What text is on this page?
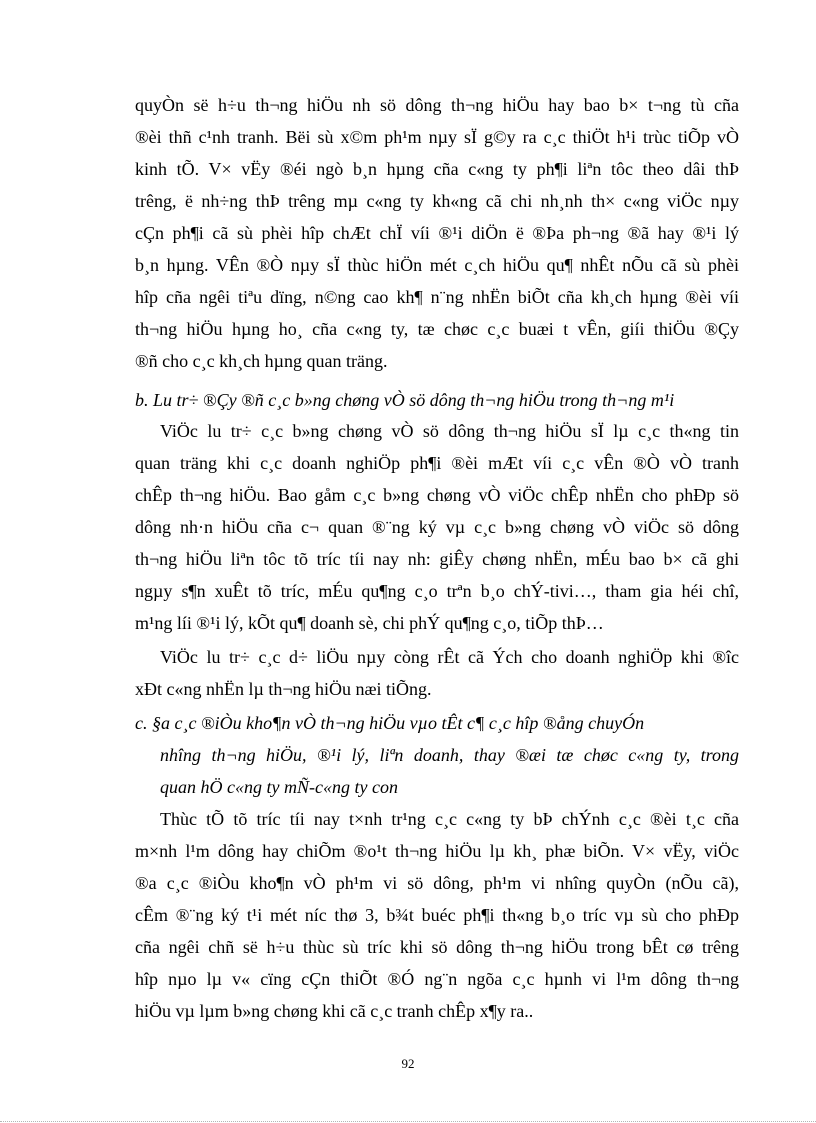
quyÒn së h÷u th¬ng hiÖu nh sö dông th¬ng hiÖu hay bao b× t¬ng tù cña
®èi thñ c¹nh tranh. Bëi sù x©m ph¹m nµy sÏ g©y ra c¸c thiÖt h¹i trùc tiÕp vÒ
kinh tÕ. V× vËy ®éi ngò b¸n hµng cña c«ng ty ph¶i liªn tôc theo dâi thÞ
trêng, ë nh÷ng thÞ trêng mµ c«ng ty kh«ng cã chi nh¸nh th× c«ng viÖc nµy
cÇn ph¶i cã sù phèi hîp chÆt chÏ víi ®¹i diÖn ë ®Þa ph¬ng ®ã hay ®¹i lý
b¸n hµng. VÊn ®Ò nµy sÏ thùc hiÖn mét c¸ch hiÖu qu¶ nhÊt nÕu cã sù phèi
hîp cña ngêi tiªu dïng, n©ng cao kh¶ n¨ng nhËn biÕt cña kh¸ch hµng ®èi víi
th¬ng hiÖu hµng ho¸ cña c«ng ty, tæ chøc c¸c buæi t vÊn, giíi thiÖu ®Çy
®ñ cho c¸c kh¸ch hµng quan träng.
b. Lu tr÷ ®Çy ®ñ c¸c b»ng chøng vÒ sö dông th¬ng hiÖu trong th¬ng m¹i
ViÖc lu tr÷ c¸c b»ng chøng vÒ sö dông th¬ng hiÖu sÏ lµ c¸c th«ng tin
quan träng khi c¸c doanh nghiÖp ph¶i ®èi mÆt víi c¸c vÊn ®Ò vÒ tranh
chÊp th¬ng hiÖu. Bao gåm c¸c b»ng chøng vÒ viÖc chÊp nhËn cho phÐp sö
dông nh·n hiÖu cña c¬ quan ®¨ng ký vµ c¸c b»ng chøng vÒ viÖc sö dông
th¬ng hiÖu liªn tôc tõ tríc tíi nay nh: giÊy chøng nhËn, mÉu bao b× cã ghi
ngµy s¶n xuÊt tõ tríc, mÉu qu¶ng c¸o trªn b¸o chÝ-tivi…, tham gia héi chî,
m¹ng líi ®¹i lý, kÕt qu¶ doanh sè, chi phÝ qu¶ng c¸o, tiÕp thÞ…
ViÖc lu tr÷ c¸c d÷ liÖu nµy còng rÊt cã Ých cho doanh nghiÖp khi ®îc
xÐt c«ng nhËn lµ th¬ng hiÖu næi tiÕng.
c. §a c¸c ®iÒu kho¶n vÒ th¬ng hiÖu vµo tÊt c¶ c¸c hîp ®ång chuyÓn
nhîng th¬ng hiÖu, ®¹i lý, liªn doanh, thay ®æi tæ chøc c«ng ty, trong
quan hÖ c«ng ty mÑ-c«ng ty con
Thùc tÕ tõ tríc tíi nay t×nh tr¹ng c¸c c«ng ty bÞ chÝnh c¸c ®èi t¸c cña
m×nh l¹m dông hay chiÕm ®o¹t th¬ng hiÖu lµ kh¸ phæ biÕn. V× vËy, viÖc
®a c¸c ®iÒu kho¶n vÒ ph¹m vi sö dông, ph¹m vi nhîng quyÒn (nÕu cã),
cÊm ®¨ng ký t¹i mét níc thø 3, b¾t buéc ph¶i th«ng b¸o tríc vµ sù cho phÐp
cña ngêi chñ së h÷u thùc sù tríc khi sö dông th¬ng hiÖu trong bÊt cø trêng
hîp nµo lµ v« cïng cÇn thiÕt ®Ó ng¨n ngõa c¸c hµnh vi l¹m dông th¬ng
hiÖu vµ lµm b»ng chøng khi cã c¸c tranh chÊp x¶y ra..
92
